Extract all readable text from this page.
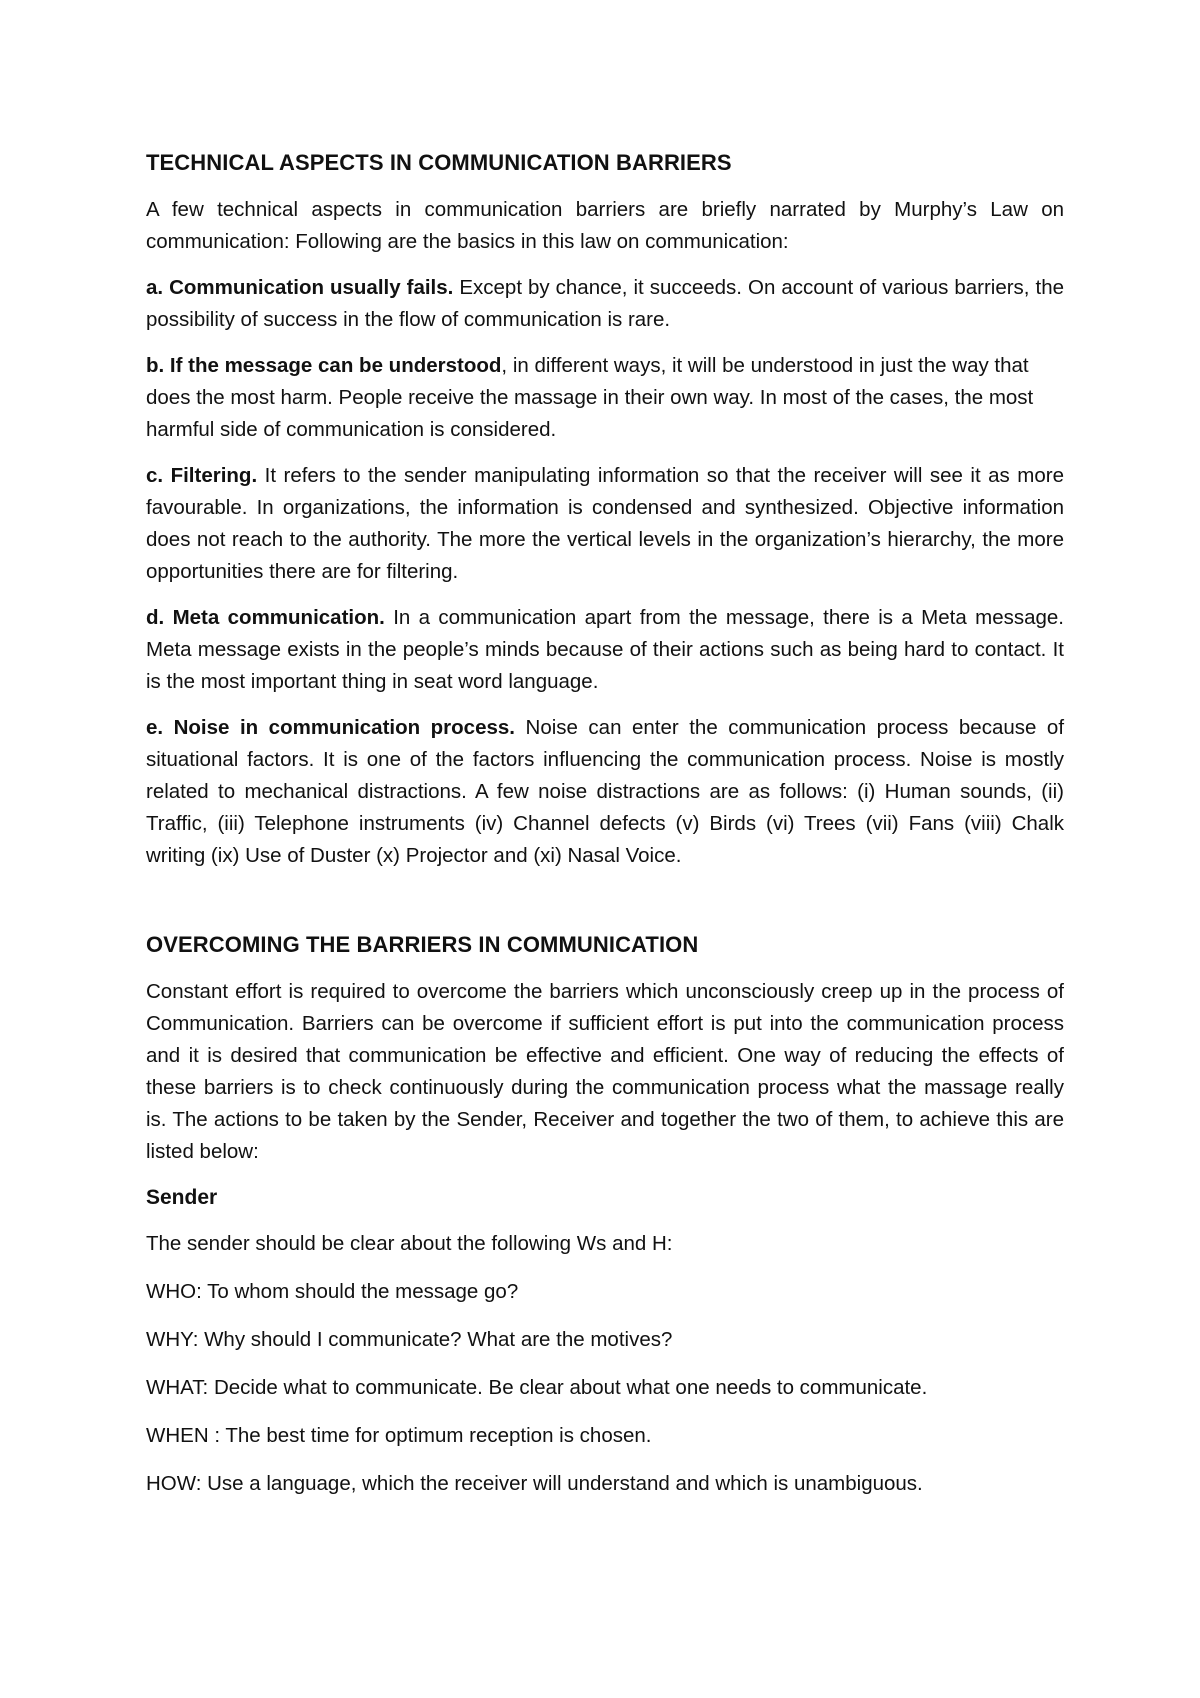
TECHNICAL ASPECTS IN COMMUNICATION BARRIERS

A few technical aspects in communication barriers are briefly narrated by Murphy’s Law on communication: Following are the basics in this law on communication:

a. Communication usually fails. Except by chance, it succeeds. On account of various barriers, the possibility of success in the flow of communication is rare.

b. If the message can be understood, in different ways, it will be understood in just the way that does the most harm. People receive the massage in their own way. In most of the cases, the most harmful side of communication is considered.

c. Filtering. It refers to the sender manipulating information so that the receiver will see it as more favourable. In organizations, the information is condensed and synthesized. Objective information does not reach to the authority. The more the vertical levels in the organization’s hierarchy, the more opportunities there are for filtering.

d. Meta communication. In a communication apart from the message, there is a Meta message. Meta message exists in the people’s minds because of their actions such as being hard to contact. It is the most important thing in seat word language.

e. Noise in communication process. Noise can enter the communication process because of situational factors. It is one of the factors influencing the communication process. Noise is mostly related to mechanical distractions. A few noise distractions are as follows: (i) Human sounds, (ii) Traffic, (iii) Telephone instruments (iv) Channel defects (v) Birds (vi) Trees (vii) Fans (viii) Chalk writing (ix) Use of Duster (x) Projector and (xi) Nasal Voice.

OVERCOMING THE BARRIERS IN COMMUNICATION

Constant effort is required to overcome the barriers which unconsciously creep up in the process of Communication. Barriers can be overcome if sufficient effort is put into the communication process and it is desired that communication be effective and efficient. One way of reducing the effects of these barriers is to check continuously during the communication process what the massage really is. The actions to be taken by the Sender, Receiver and together the two of them, to achieve this are listed below:

Sender
The sender should be clear about the following Ws and H:
WHO: To whom should the message go?
WHY: Why should I communicate? What are the motives?
WHAT: Decide what to communicate. Be clear about what one needs to communicate.
WHEN : The best time for optimum reception is chosen.
HOW: Use a language, which the receiver will understand and which is unambiguous.
